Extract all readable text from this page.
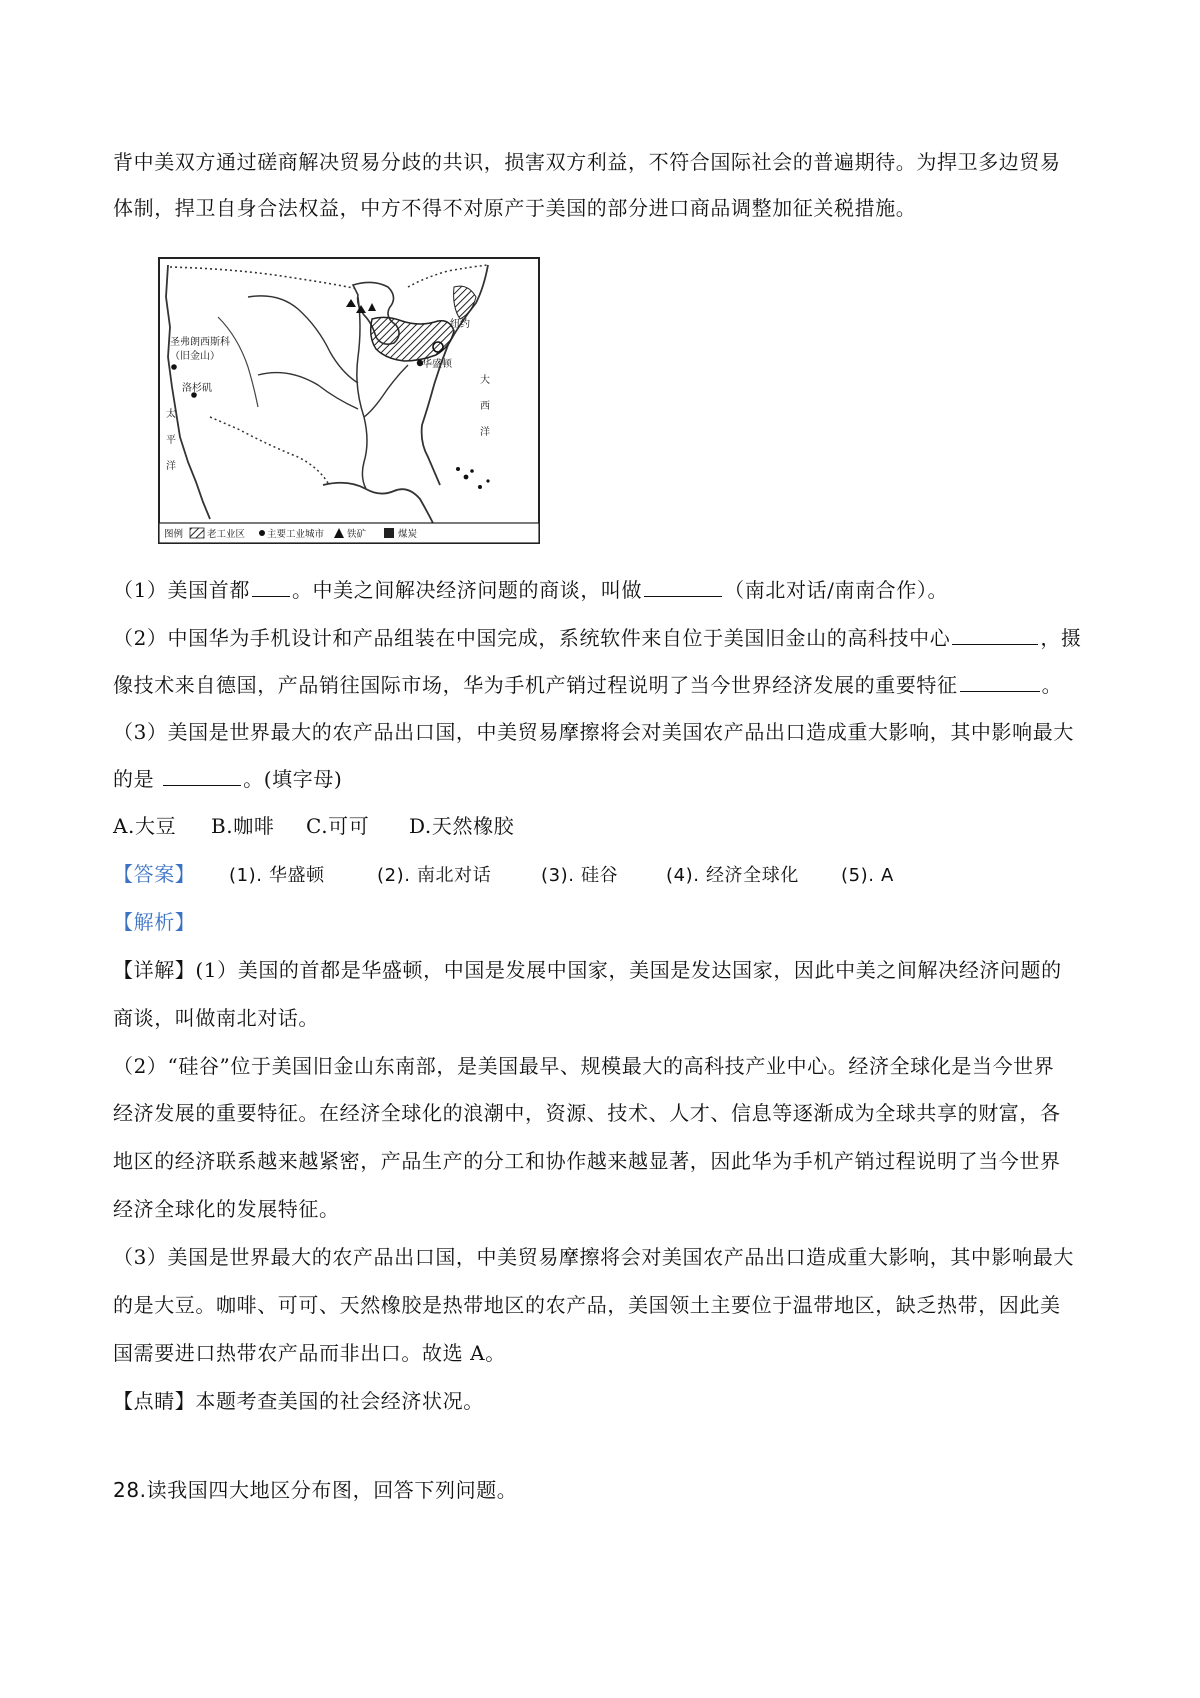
背中美双方通过磋商解决贸易分歧的共识，损害双方利益，不符合国际社会的普遍期待。为捍卫多边贸易
体制，捍卫自身合法权益，中方不得不对原产于美国的部分进口商品调整加征关税措施。
圣弗朗西斯科
（旧金山）
洛杉矶
太
平
洋
华盛顿
纽约
大
西
洋
图例	老工业区 主要工业城市 铁矿	煤炭
（1）美国首都 。中美之间解决经济问题的商谈，叫做	（南北对话/南南合作）。
（2）中国华为手机设计和产品组装在中国完成，系统软件来自位于美国旧金山的高科技中心	，摄
像技术来自德国，产品销往国际市场，华为手机产销过程说明了当今世界经济发展的重要特征	。
（3）美国是世界最大的农产品出口国，中美贸易摩擦将会对美国农产品出口造成重大影响，其中影响最大
的是	。(填字母)
A.大豆 B.咖啡 C.可可 D.天然橡胶
【答案】 (1). 华盛顿	(2). 南北对话	(3). 硅谷	(4). 经济全球化 (5). A
【解析】
【详解】(1）美国的首都是华盛顿，中国是发展中国家，美国是发达国家，因此中美之间解决经济问题的
商谈，叫做南北对话。
（2）“硅谷”位于美国旧金山东南部，是美国最早、规模最大的高科技产业中心。经济全球化是当今世界
经济发展的重要特征。在经济全球化的浪潮中，资源、技术、人才、信息等逐渐成为全球共享的财富，各
地区的经济联系越来越紧密，产品生产的分工和协作越来越显著，因此华为手机产销过程说明了当今世界
经济全球化的发展特征。
（3）美国是世界最大的农产品出口国，中美贸易摩擦将会对美国农产品出口造成重大影响，其中影响最大
的是大豆。咖啡、可可、天然橡胶是热带地区的农产品，美国领土主要位于温带地区，缺乏热带，因此美
国需要进口热带农产品而非出口。故选 A。
【点睛】本题考查美国的社会经济状况。
28.读我国四大地区分布图，回答下列问题。
